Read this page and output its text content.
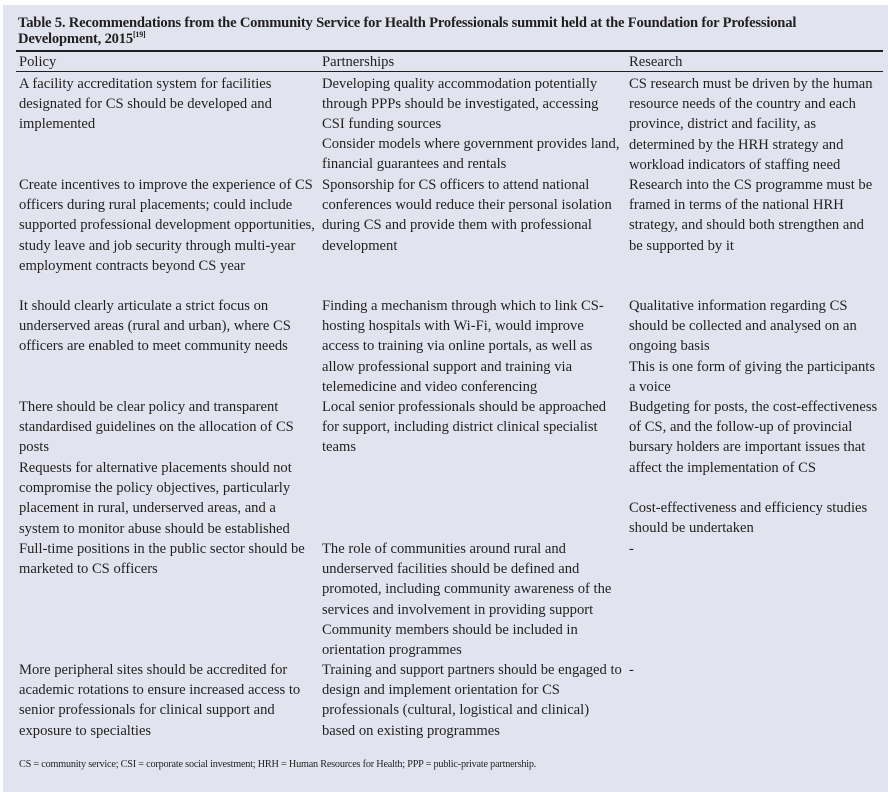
Table 5. Recommendations from the Community Service for Health Professionals summit held at the Foundation for Professional Development, 2015[19]
Policy	Partnerships	Research
A facility accreditation system for facilities designated for CS should be developed and implemented
Create incentives to improve the experience of CS officers during rural placements; could include supported professional development opportunities, study leave and job security through multi-year employment contracts beyond CS year
It should clearly articulate a strict focus on underserved areas (rural and urban), where CS officers are enabled to meet community needs
There should be clear policy and transparent standardised guidelines on the allocation of CS posts
Requests for alternative placements should not compromise the policy objectives, particularly placement in rural, underserved areas, and a system to monitor abuse should be established
Full-time positions in the public sector should be marketed to CS officers
More peripheral sites should be accredited for academic rotations to ensure increased access to senior professionals for clinical support and exposure to specialties
Developing quality accommodation potentially through PPPs should be investigated, accessing CSI funding sources
Consider models where government provides land, financial guarantees and rentals
Sponsorship for CS officers to attend national conferences would reduce their personal isolation during CS and provide them with professional development
Finding a mechanism through which to link CS-hosting hospitals with Wi-Fi, would improve access to training via online portals, as well as allow professional support and training via telemedicine and video conferencing
Local senior professionals should be approached for support, including district clinical specialist teams
The role of communities around rural and underserved facilities should be defined and promoted, including community awareness of the services and involvement in providing support
Community members should be included in orientation programmes
Training and support partners should be engaged to design and implement orientation for CS professionals (cultural, logistical and clinical) based on existing programmes
CS research must be driven by the human resource needs of the country and each province, district and facility, as determined by the HRH strategy and workload indicators of staffing need
Research into the CS programme must be framed in terms of the national HRH strategy, and should both strengthen and be supported by it
Qualitative information regarding CS should be collected and analysed on an ongoing basis
This is one form of giving the participants a voice
Budgeting for posts, the cost-effectiveness of CS, and the follow-up of provincial bursary holders are important issues that affect the implementation of CS
Cost-effectiveness and efficiency studies should be undertaken
-
-
CS = community service; CSI = corporate social investment; HRH = Human Resources for Health; PPP = public-private partnership.
